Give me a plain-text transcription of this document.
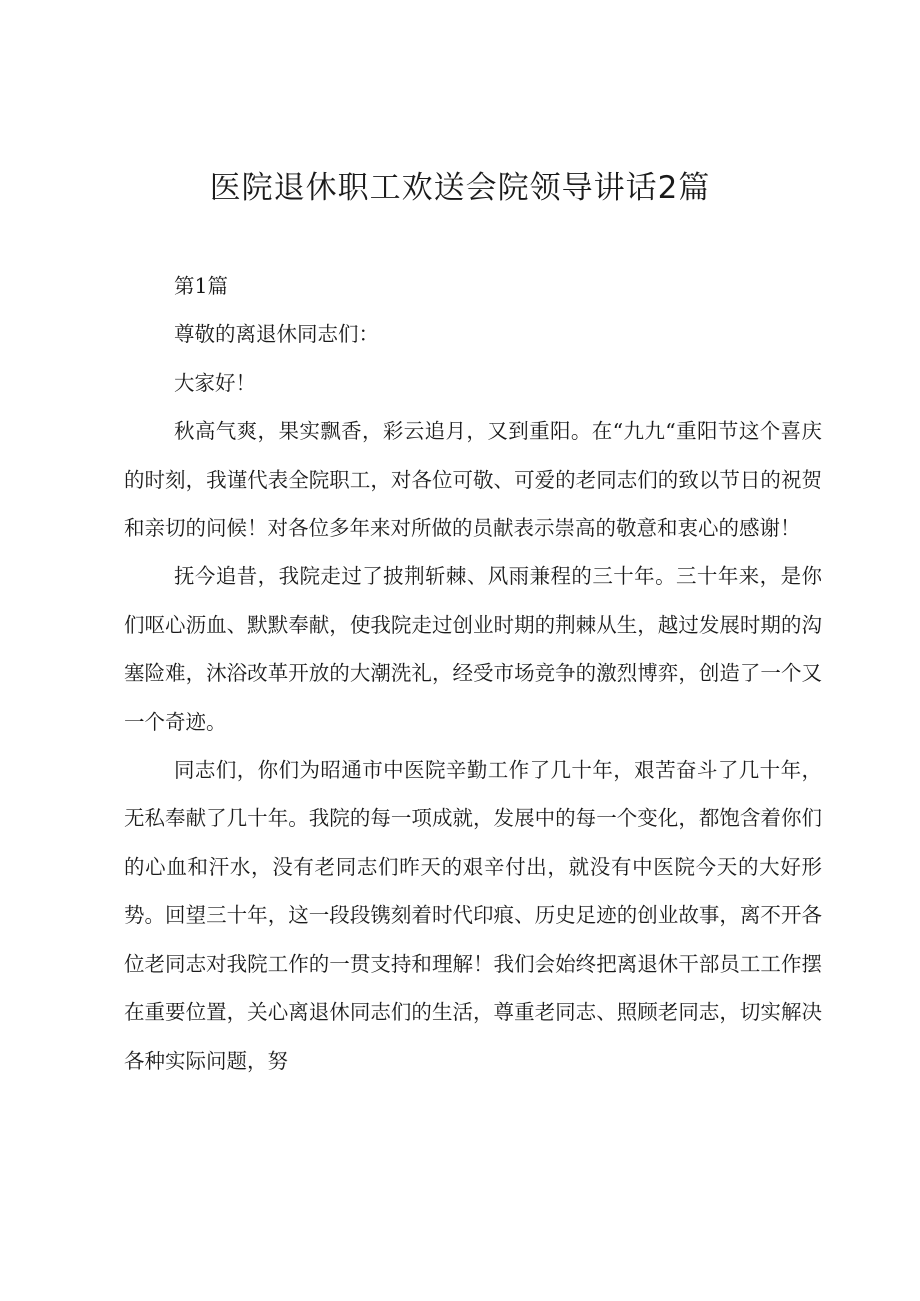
医院退休职工欢送会院领导讲话2篇

第1篇

尊敬的离退休同志们：

大家好！

秋高气爽，果实飘香，彩云追月，又到重阳。在“九九“重阳节这个喜庆的时刻，我谨代表全院职工，对各位可敬、可爱的老同志们的致以节日的祝贺和亲切的问候！对各位多年来对所做的员献表示崇高的敬意和衷心的感谢！

抚今追昔，我院走过了披荆斩棘、风雨兼程的三十年。三十年来，是你们呕心沥血、默默奉献，使我院走过创业时期的荆棘从生，越过发展时期的沟塞险难，沐浴改革开放的大潮洗礼，经受市场竞争的激烈博弈，创造了一个又一个奇迹。

同志们，你们为昭通市中医院辛勤工作了几十年，艰苦奋斗了几十年，无私奉献了几十年。我院的每一项成就，发展中的每一个变化，都饱含着你们的心血和汗水，没有老同志们昨天的艰辛付出，就没有中医院今天的大好形势。回望三十年，这一段段镌刻着时代印痕、历史足迹的创业故事，离不开各位老同志对我院工作的一贯支持和理解！我们会始终把离退休干部员工工作摆在重要位置，关心离退休同志们的生活，尊重老同志、照顾老同志，切实解决各种实际问题，努
